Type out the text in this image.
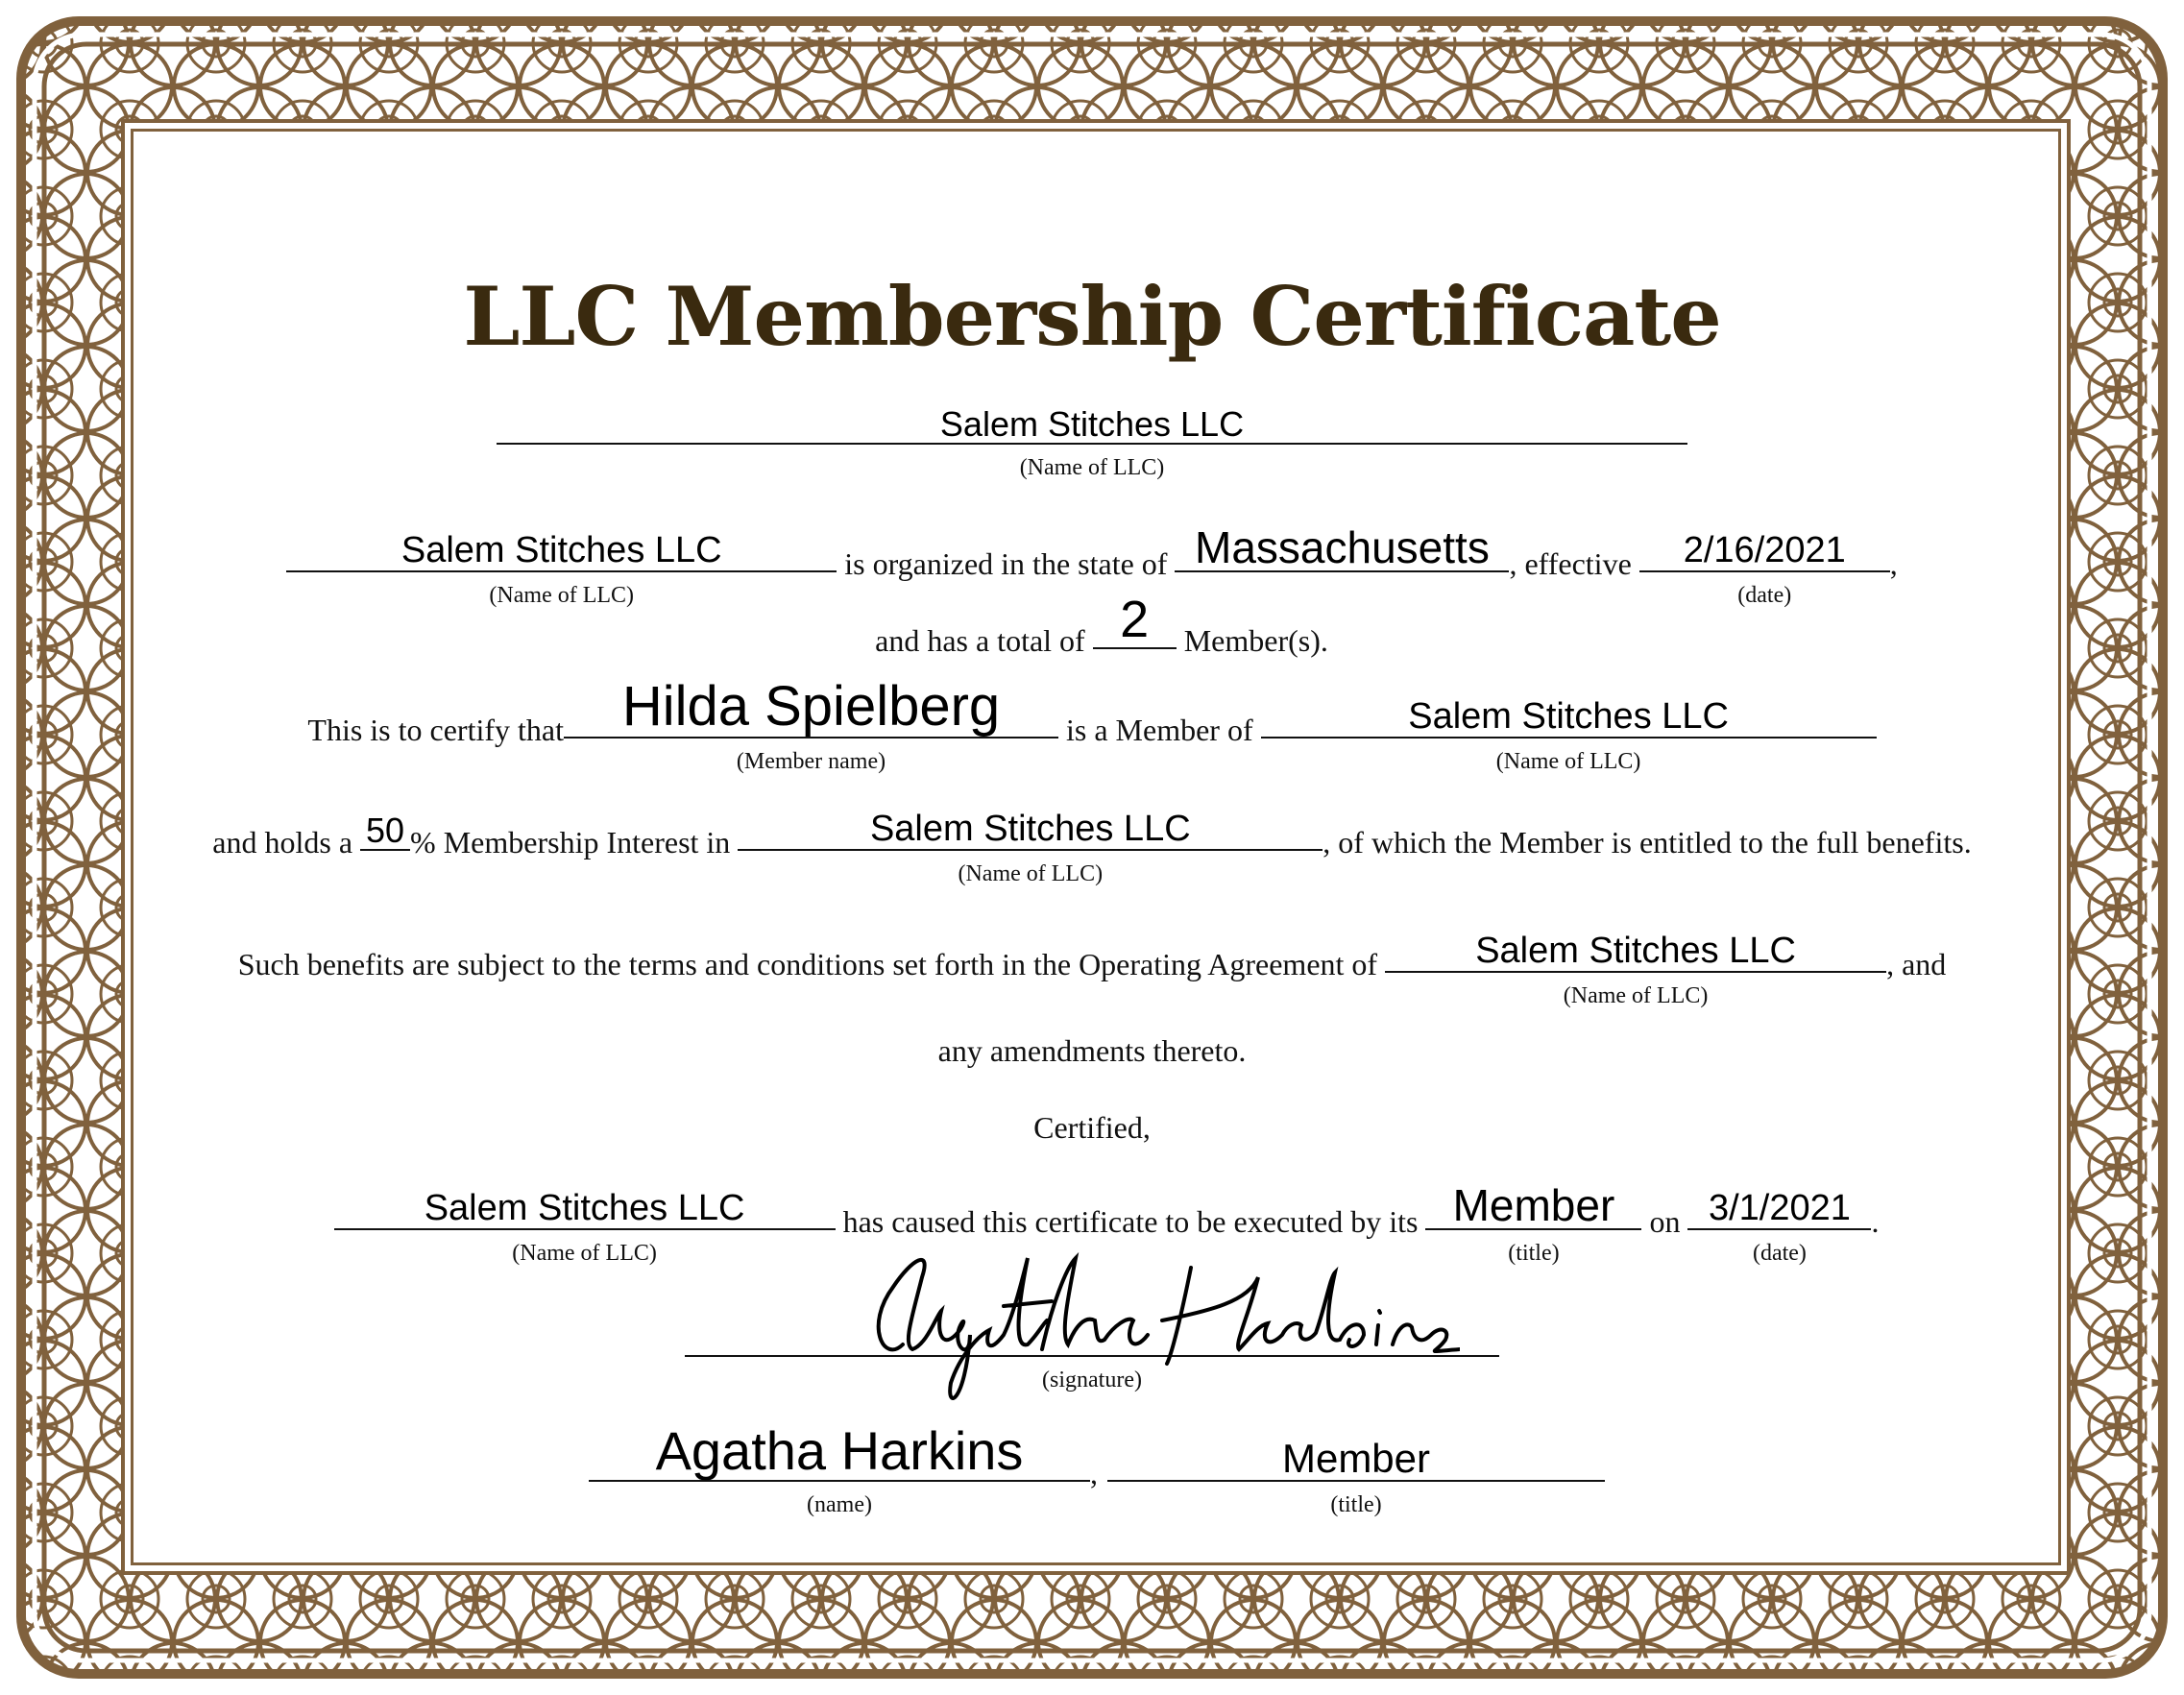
LLC Membership Certificate
Salem Stitches LLC
(Name of LLC)
Salem Stitches LLC
(Name of LLC)
is organized in the state of Massachusetts , effective	2/16/2021
(date)
,
and has a total of 2 Member(s).
This is to certify that	Hilda Spielberg
(Member name)
is a Member of	Salem Stitches LLC
(Name of LLC)
and holds a 50 % Membership Interest in	Salem Stitches LLC
(Name of LLC)
, of which the Member is entitled to the full benefits.
Such benefits are subject to the terms and conditions set forth in the Operating Agreement of	Salem Stitches LLC
(Name of LLC)
, and
any amendments thereto.
Certified,
Salem Stitches LLC
(Name of LLC)
has caused this certificate to be executed by its Member
(title)
on 3/1/2021
(date)
.
(signature)
Agatha Harkins
(name)
,	Member
(title)
